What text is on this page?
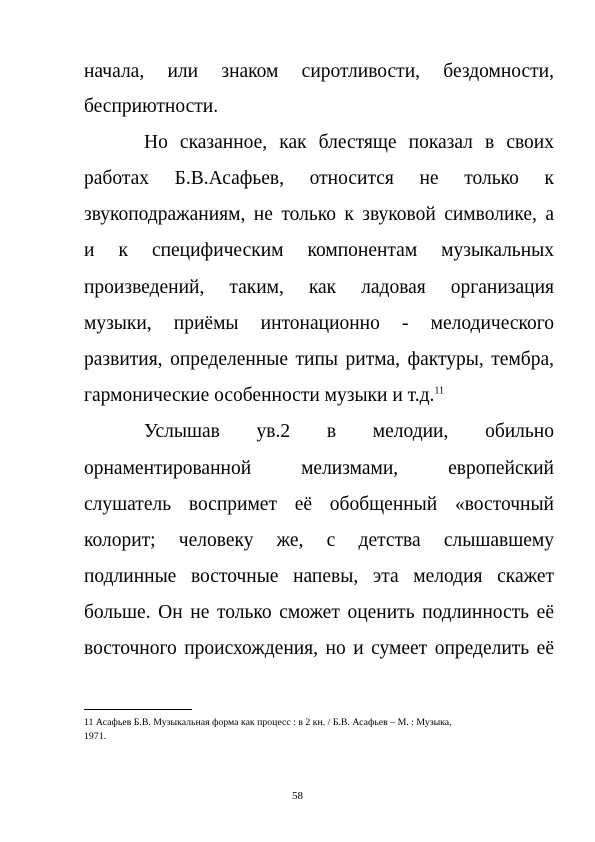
начала, или знаком сиротливости, бездомности,
бесприютности.
Но сказанное, как блестяще показал в своих
работах Б.В.Асафьев, относится не только к
звукоподражаниям, не только к звуковой символике, а
и к специфическим компонентам музыкальных
произведений, таким, как ладовая организация
музыки, приёмы интонационно - мелодического
развития, определенные типы ритма, фактуры, тембра,
гармонические особенности музыки и т.д.$^{11}$
Услышав ув.2 в мелодии, обильно
орнаментированной мелизмами, европейский
слушатель воспримет её обобщенный «восточный
колорит; человеку же, с детства слышавшему
подлинные восточные напевы, эта мелодия скажет
больше. Он не только сможет оценить подлинность её
восточного происхождения, но и сумеет определить её
11 Асафьев Б.В. Музыкальная форма как процесс : в 2 кн. / Б.В. Асафьев – М. : Музыка,
1971.
58
